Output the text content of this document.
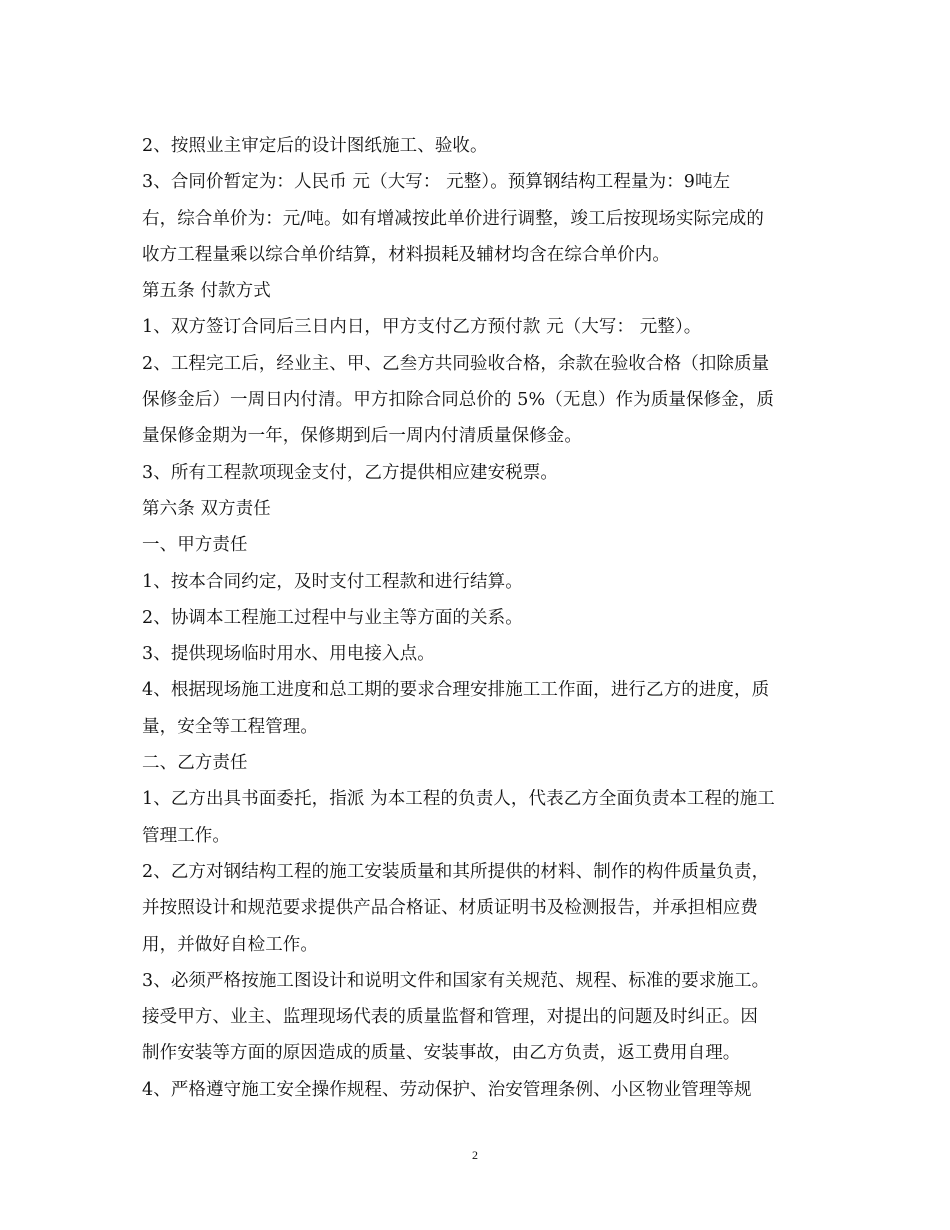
2、按照业主审定后的设计图纸施工、验收。
3、合同价暂定为：人民币 元（大写： 元整）。预算钢结构工程量为：9吨左
右，综合单价为：元/吨。如有增减按此单价进行调整，竣工后按现场实际完成的
收方工程量乘以综合单价结算，材料损耗及辅材均含在综合单价内。
第五条 付款方式
1、双方签订合同后三日内日，甲方支付乙方预付款 元（大写： 元整）。
2、工程完工后，经业主、甲、乙叁方共同验收合格，余款在验收合格（扣除质量
保修金后）一周日内付清。甲方扣除合同总价的 5%（无息）作为质量保修金，质
量保修金期为一年，保修期到后一周内付清质量保修金。
3、所有工程款项现金支付，乙方提供相应建安税票。
第六条 双方责任
一、甲方责任
1、按本合同约定，及时支付工程款和进行结算。
2、协调本工程施工过程中与业主等方面的关系。
3、提供现场临时用水、用电接入点。
4、根据现场施工进度和总工期的要求合理安排施工工作面，进行乙方的进度，质
量，安全等工程管理。
二、乙方责任
1、乙方出具书面委托，指派 为本工程的负责人，代表乙方全面负责本工程的施工
管理工作。
2、乙方对钢结构工程的施工安装质量和其所提供的材料、制作的构件质量负责，
并按照设计和规范要求提供产品合格证、材质证明书及检测报告，并承担相应费
用，并做好自检工作。
3、必须严格按施工图设计和说明文件和国家有关规范、规程、标准的要求施工。
接受甲方、业主、监理现场代表的质量监督和管理，对提出的问题及时纠正。因
制作安装等方面的原因造成的质量、安装事故，由乙方负责，返工费用自理。
4、严格遵守施工安全操作规程、劳动保护、治安管理条例、小区物业管理等规
2
